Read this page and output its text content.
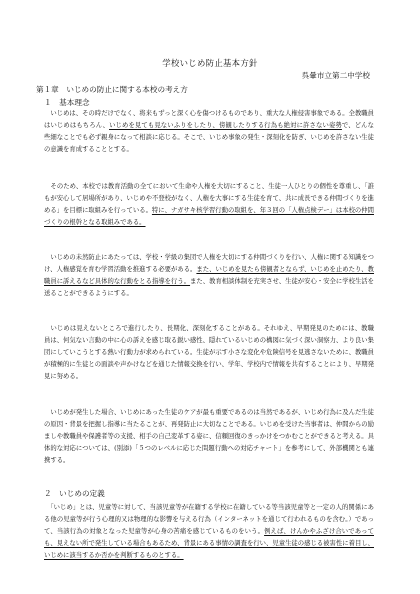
学校いじめ防止基本方針
呉暈市立第二中学校
第１章　いじめの防止に関する本校の考え方
１　基本理念

　いじめは、その時だけでなく、将来もずっと深く心を傷つけるものであり、重大な人権侵害事象である。全教職員はいじめはもちろん、いじめを見ても見ないふりをしたり、傍観したりする行為も絶対に許さない姿勢で、どんな些細なことでも必ず親身になって相談に応じる。そこで、いじめ事象の発生・深刻化を防ぎ、いじめを許さない生徒の意識を育成することとする。

　そのため、本校では教育活動の全てにおいて生命や人権を大切にすること、生徒一人ひとりの個性を尊重し、「誰もが安心して居場所があり、いじめや不登校がなく、人権を大事にする生徒を育て、共に成長できる仲間づくりを進める」を目標に取組みを行っている。特に、ナガサキ核学習行動の取組を、年３回の「人権点検デー」は本校の仲間づくりの根幹となる取組みである。

　いじめの未然防止にあたっては、学校・学級の集団で人権を大切にする仲間づくりを行い、人権に関する知識をつけ、人権感覚を育む学習活動を推進する必要がある。また、いじめを見たら傍観者とならず、いじめを止めたり、教職員に訴えるなど具体的な行動をとる指導を行う。また、教育相談体制を充実させ、生徒が安心・安全に学校生活を送ることができるようにする。

　いじめは見えないところで進行したり、長期化、深刻化することがある。それゆえ、早期発見のためには、教職員は、何気ない言動の中に心の訴えを感じ取る鋭い感性、隠れているいじめの構図に気づく深い洞察力、より良い集団にしていこうとする熱い行動力が求められている。生徒が示す小さな変化や危険信号を見逃さないために、教職員が積極的に生徒との面談や声かけなどを通じた情報交換を行い、学年、学校内で情報を共有することにより、早期発見に努める。

　いじめが発生した場合、いじめにあった生徒のケアが最も重要であるのは当然であるが、いじめ行為に及んだ生徒の原因・背景を把握し指導に当たることが、再発防止に大切なことである。いじめを受けた当事者は、仲間からの励ましや教職員や保護者等の支援、相手の自己変革する姿に、信頼回復のきっかけをつかむことができると考える。具体的な対応については、(別添)「５つのレベルに応じた問題行動への対応チャート」を参考にして、外部機関とも連携する。

２　いじめの定義

　「いじめ」とは、児童等に対して、当該児童等が在籍する学校に在籍している等当該児童等と一定の人的関係にある他の児童等が行う心理的又は物理的な影響を与える行為（インターネットを通じて行われるものを含む。）であって、当該行為の対象となった児童等が心身の苦痛を感じているものをいう。例えば、けんかやふざけ合いであっても、見えない所で発生している場合もあるため、背景にある事情の調査を行い、児童生徒の感じる被害性に着目し、いじめに該当するか否かを判断するものとする。
